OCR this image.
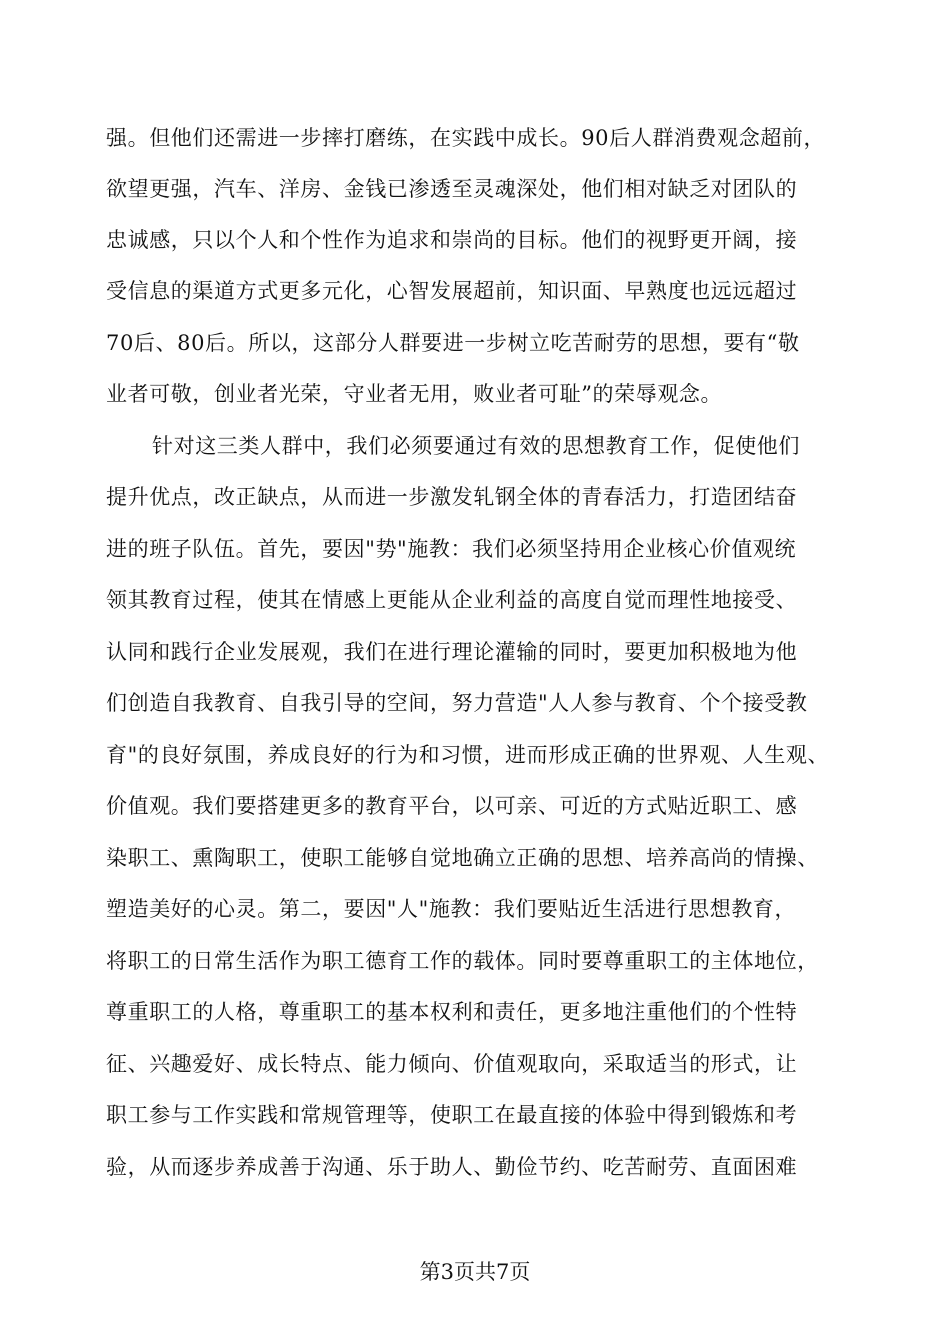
强。但他们还需进一步摔打磨练，在实践中成长。90后人群消费观念超前，
欲望更强，汽车、洋房、金钱已渗透至灵魂深处，他们相对缺乏对团队的
忠诚感，只以个人和个性作为追求和崇尚的目标。他们的视野更开阔，接
受信息的渠道方式更多元化，心智发展超前，知识面、早熟度也远远超过
70后、80后。所以，这部分人群要进一步树立吃苦耐劳的思想，要有“敬
业者可敬，创业者光荣，守业者无用，败业者可耻”的荣辱观念。
针对这三类人群中，我们必须要通过有效的思想教育工作，促使他们
提升优点，改正缺点，从而进一步激发轧钢全体的青春活力，打造团结奋
进的班子队伍。首先，要因"势"施教：我们必须坚持用企业核心价值观统
领其教育过程，使其在情感上更能从企业利益的高度自觉而理性地接受、
认同和践行企业发展观，我们在进行理论灌输的同时，要更加积极地为他
们创造自我教育、自我引导的空间，努力营造"人人参与教育、个个接受教
育"的良好氛围，养成良好的行为和习惯，进而形成正确的世界观、人生观、
价值观。我们要搭建更多的教育平台，以可亲、可近的方式贴近职工、感
染职工、熏陶职工，使职工能够自觉地确立正确的思想、培养高尚的情操、
塑造美好的心灵。第二，要因"人"施教：我们要贴近生活进行思想教育，
将职工的日常生活作为职工德育工作的载体。同时要尊重职工的主体地位，
尊重职工的人格，尊重职工的基本权利和责任，更多地注重他们的个性特
征、兴趣爱好、成长特点、能力倾向、价值观取向，采取适当的形式，让
职工参与工作实践和常规管理等，使职工在最直接的体验中得到锻炼和考
验，从而逐步养成善于沟通、乐于助人、勤俭节约、吃苦耐劳、直面困难
第3页共7页
